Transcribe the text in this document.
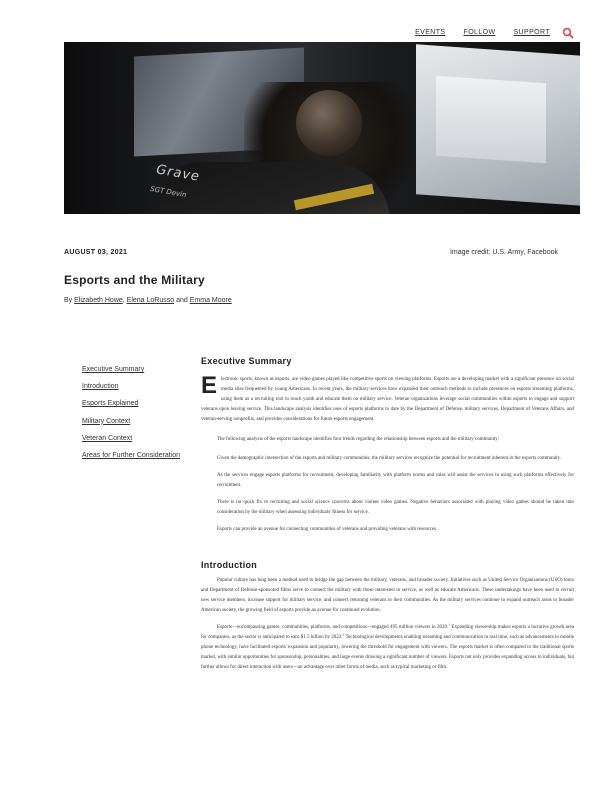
EVENTS	FOLLOW	SUPPORT
Grave
SGT Devin
AUGUST 03, 2021	Image credit: U.S. Army, Facebook
Esports and the Military
By Elizabeth Howe, Elena LoRusso and Emma Moore
Executive Summary
Introduction
Esports Explained
Military Context
Veteran Context
Areas for Further Consideration
Executive Summary
E lectronic sports, known as esports, are video games played like competitive sports on viewing platforms. Esports are a developing market with a significant presence on social media sites frequented by young Americans. In recent years, the military services have expanded their outreach methods to include presences on esports streaming platforms, using them as a recruiting tool to reach youth and educate them on military service. Veteran organizations leverage social communities within esports to engage and support veterans upon leaving service. This landscape analysis identifies uses of esports platforms to date by the Department of Defense, military services, Department of Veterans Affairs, and veteran-serving nonprofits, and provides considerations for future esports engagement.

The following analysis of the esports landscape identifies four trends regarding the relationship between esports and the military community:

Given the demographic intersection of the esports and military communities, the military services recognize the potential for recruitment inherent in the esports community.

As the services engage esports platforms for recruitment, developing familiarity with platform norms and rules will assist the services in using such platforms effectively for recruitment.

There is no quick fix to recruiting and social science concerns about violent video games. Negative behaviors associated with playing video games should be taken into consideration by the military when assessing individuals' fitness for service.

Esports can provide an avenue for connecting communities of veterans and providing veterans with resources.

Introduction

Popular culture has long been a method used to bridge the gap between the military, veterans, and broader society. Initiatives such as United Service Organizations (USO) tours and Department of Defense-sponsored films serve to connect the military with those interested in service, as well as educate Americans. These undertakings have been used to recruit new service members, increase support for military service, and connect returning veterans to their communities. As the military services continue to expand outreach areas to broader American society, the growing field of esports provide an avenue for continued evolution.

Esports—encompassing games, communities, platforms, and competitions—engaged 495 million viewers in 2020.$^1$ Expanding viewership makes esports a lucrative growth area for companies, as the sector is anticipated to earn $1.5 billion by 2023.$^2$ Technological developments enabling streaming and communication in real time, such as advancements in mobile phone technology, have facilitated esports' expansion and popularity, lowering the threshold for engagement with viewers. The esports market is often compared to the traditional sports market, with similar opportunities for sponsorship, personalities, and large events drawing a significant number of viewers. Esports not only provides expanding access to individuals, but further allows for direct interaction with users—an advantage over other forms of media, such as typical marketing or film.
